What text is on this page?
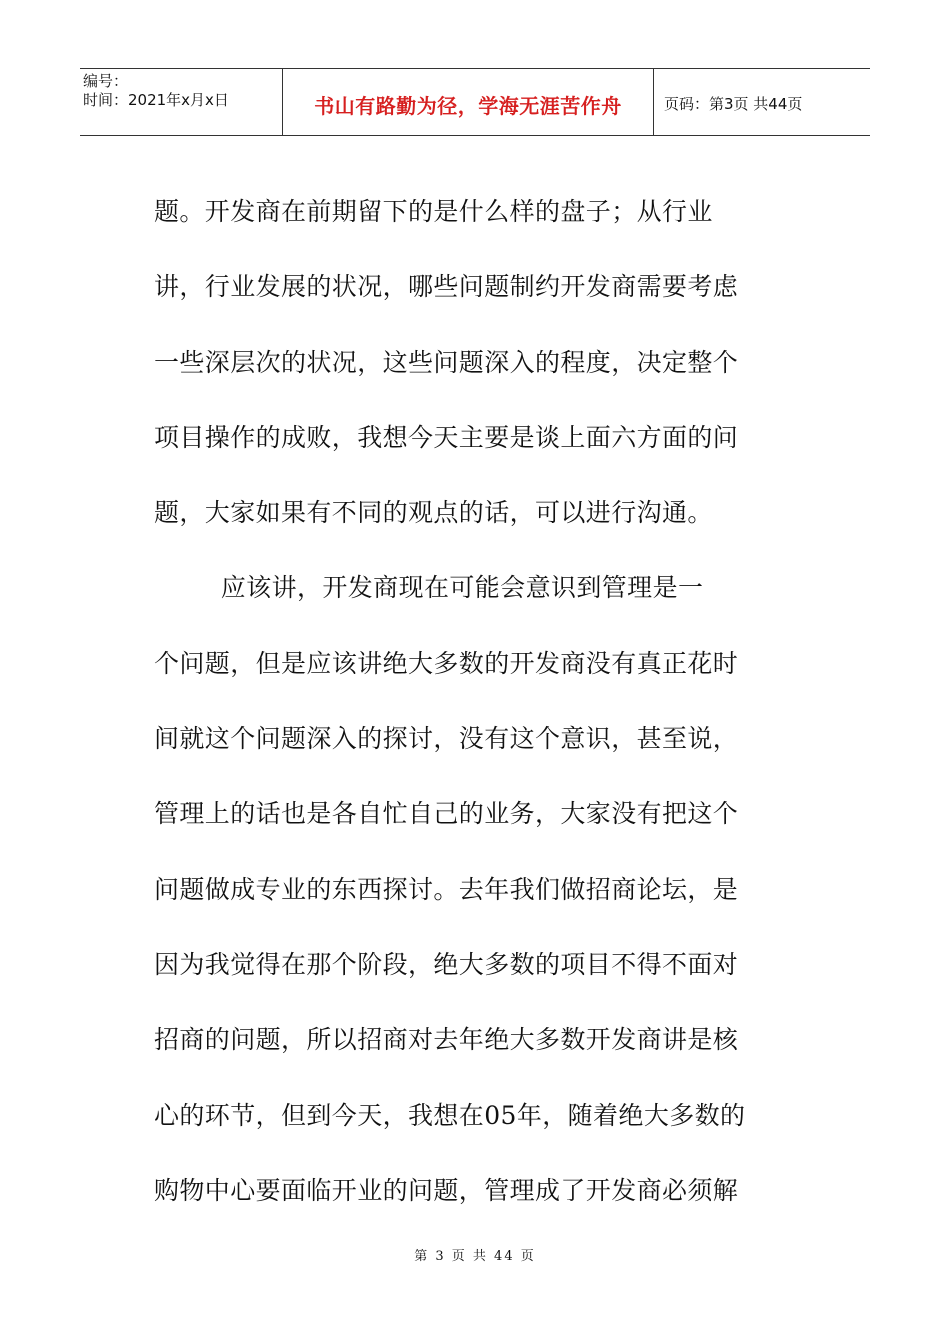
编号：
时间：2021年x月x日	书山有路勤为径，学海无涯苦作舟	页码：第3页 共44页
题。开发商在前期留下的是什么样的盘子；从行业
讲，行业发展的状况，哪些问题制约开发商需要考虑
一些深层次的状况，这些问题深入的程度，决定整个
项目操作的成败，我想今天主要是谈上面六方面的问
题，大家如果有不同的观点的话，可以进行沟通。
应该讲，开发商现在可能会意识到管理是一
个问题，但是应该讲绝大多数的开发商没有真正花时
间就这个问题深入的探讨，没有这个意识，甚至说，
管理上的话也是各自忙自己的业务，大家没有把这个
问题做成专业的东西探讨。去年我们做招商论坛，是
因为我觉得在那个阶段，绝大多数的项目不得不面对
招商的问题，所以招商对去年绝大多数开发商讲是核
心的环节，但到今天，我想在05年，随着绝大多数的
购物中心要面临开业的问题，管理成了开发商必须解
第 3 页 共 44 页
